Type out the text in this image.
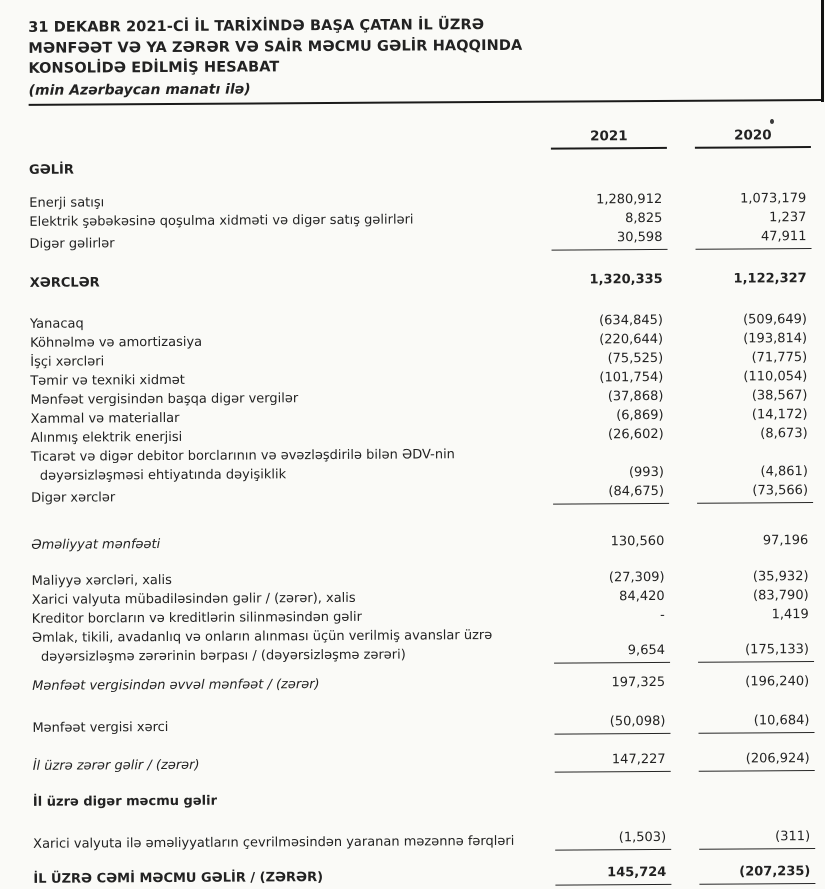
31 DEKABR 2021-Cİ İL TARİXİNDƏ BAŞA ÇATAN İL ÜZRƏ
MƏNFƏƏT VƏ YA ZƏRƏR VƏ SAİR MƏCMU GƏLİR HAQQINDA
KONSOLİDƏ EDİLMİŞ HESABAT
(min Azərbaycan manatı ilə)
2021	2020
GƏLİR
Enerji satışı	1,280,912	1,073,179
Elektrik şəbəkəsinə qoşulma xidməti və digər satış gəlirləri	8,825	1,237
Digər gəlirlər	30,598	47,911
XƏRCLƏR	1,320,335	1,122,327
Yanacaq	(634,845)	(509,649)
Köhnəlmə və amortizasiya	(220,644)	(193,814)
İşçi xərcləri	(75,525)	(71,775)
Təmir və texniki xidmət	(101,754)	(110,054)
Mənfəət vergisindən başqa digər vergilər	(37,868)	(38,567)
Xammal və materiallar	(6,869)	(14,172)
Alınmış elektrik enerjisi	(26,602)	(8,673)
Ticarət və digər debitor borclarının və əvəzləşdirilə bilən ƏDV-nin
dəyərsizləşməsi ehtiyatında dəyişiklik	(993)	(4,861)
Digər xərclər	(84,675)	(73,566)
Əməliyyat mənfəəti	130,560	97,196
Maliyyə xərcləri, xalis	(27,309)	(35,932)
Xarici valyuta mübadiləsindən gəlir / (zərər), xalis	84,420	(83,790)
Kreditor borcların və kreditlərin silinməsindən gəlir	-	1,419
Əmlak, tikili, avadanlıq və onların alınması üçün verilmiş avanslar üzrə
dəyərsizləşmə zərərinin bərpası / (dəyərsizləşmə zərəri)	9,654	(175,133)
Mənfəət vergisindən əvvəl mənfəət / (zərər)	197,325	(196,240)
Mənfəət vergisi xərci	(50,098)	(10,684)
İl üzrə zərər gəlir / (zərər)	147,227	(206,924)
İl üzrə digər məcmu gəlir
Xarici valyuta ilə əməliyyatların çevrilməsindən yaranan məzənnə fərqləri	(1,503)	(311)
İL ÜZRƏ CƏMİ MƏCMU GƏLİR / (ZƏRƏR)	145,724	(207,235)
